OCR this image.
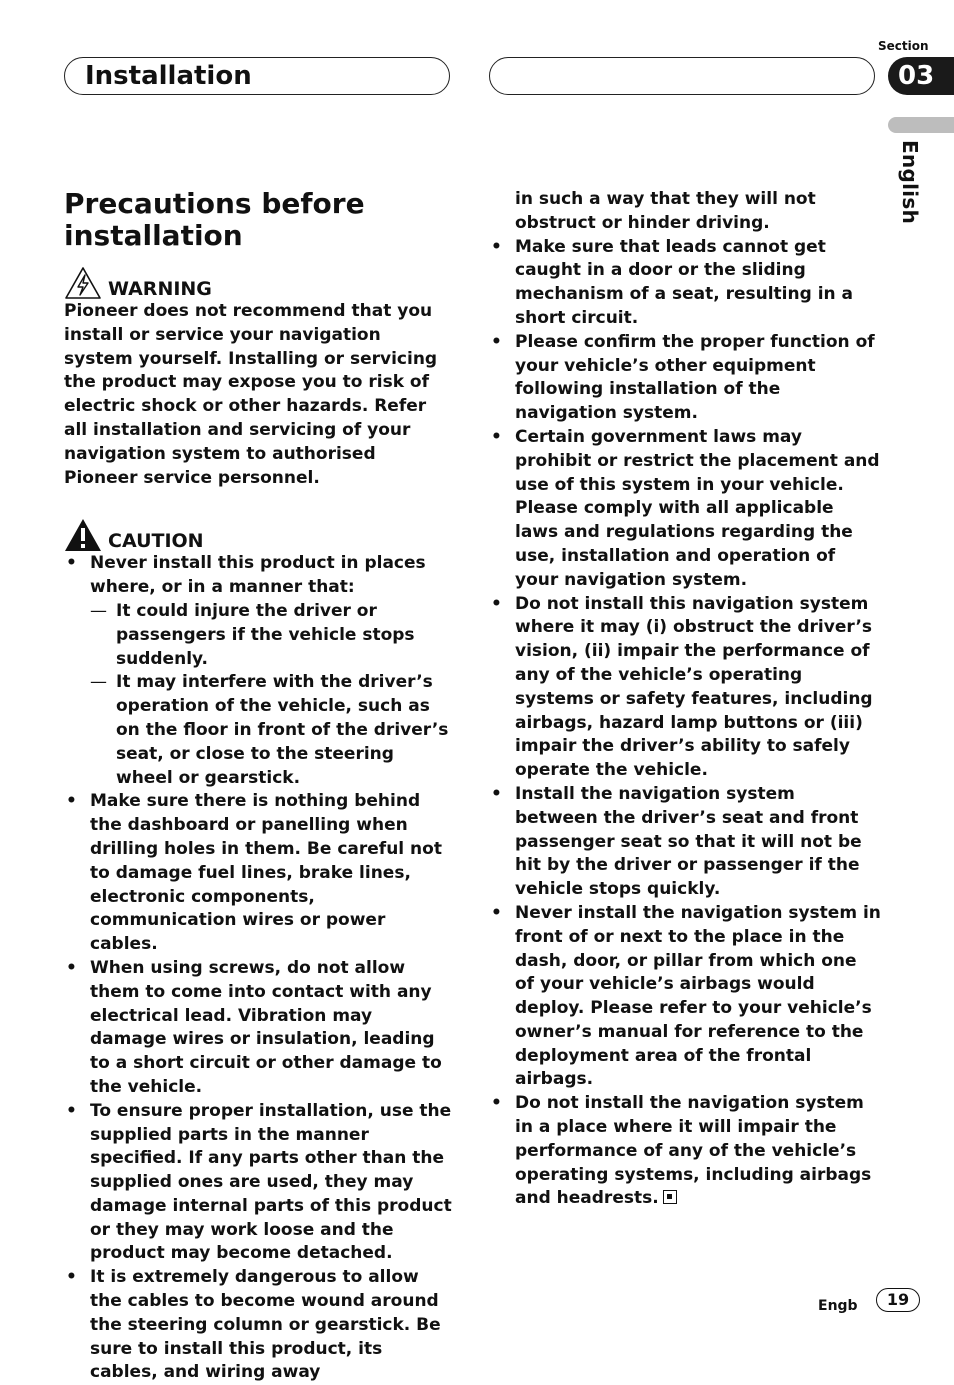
Installation
Section
03
English
Precautions before installation
WARNING

Pioneer does not recommend that you install or service your navigation system yourself. Installing or servicing the product may expose you to risk of electric shock or other hazards. Refer all installation and servicing of your navigation system to authorised Pioneer service personnel.

CAUTION
• Never install this product in places where, or in a manner that:
— It could injure the driver or passengers if the vehicle stops suddenly.
— It may interfere with the driver’s operation of the vehicle, such as on the floor in front of the driver’s seat, or close to the steering wheel or gearstick.
• Make sure there is nothing behind the dashboard or panelling when drilling holes in them. Be careful not to damage fuel lines, brake lines, electronic components, communication wires or power cables.
• When using screws, do not allow them to come into contact with any electrical lead. Vibration may damage wires or insulation, leading to a short circuit or other damage to the vehicle.
• To ensure proper installation, use the supplied parts in the manner specified. If any parts other than the supplied ones are used, they may damage internal parts of this product or they may work loose and the product may become detached.
• It is extremely dangerous to allow the cables to become wound around the steering column or gearstick. Be sure to install this product, its cables, and wiring away

in such a way that they will not obstruct or hinder driving.

• Make sure that leads cannot get caught in a door or the sliding mechanism of a seat, resulting in a short circuit.
• Please confirm the proper function of your vehicle’s other equipment following installation of the navigation system.
• Certain government laws may prohibit or restrict the placement and use of this system in your vehicle. Please comply with all applicable laws and regulations regarding the use, installation and operation of your navigation system.
• Do not install this navigation system where it may (i) obstruct the driver’s vision, (ii) impair the performance of any of the vehicle’s operating systems or safety features, including airbags, hazard lamp buttons or (iii) impair the driver’s ability to safely operate the vehicle.
• Install the navigation system between the driver’s seat and front passenger seat so that it will not be hit by the driver or passenger if the vehicle stops quickly.
• Never install the navigation system in front of or next to the place in the dash, door, or pillar from which one of your vehicle’s airbags would deploy. Please refer to your vehicle’s owner’s manual for reference to the deployment area of the frontal airbags.
• Do not install the navigation system in a place where it will impair the performance of any of the vehicle’s operating systems, including airbags and headrests.
Engb	19
